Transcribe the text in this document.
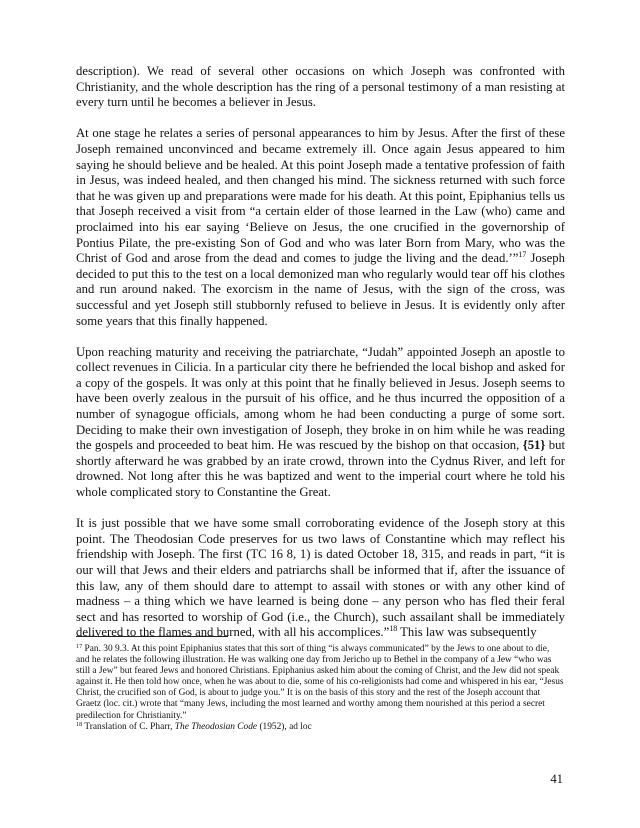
description). We read of several other occasions on which Joseph was confronted with Christianity, and the whole description has the ring of a personal testimony of a man resisting at every turn until he becomes a believer in Jesus.

At one stage he relates a series of personal appearances to him by Jesus. After the first of these Joseph remained unconvinced and became extremely ill. Once again Jesus appeared to him saying he should believe and be healed. At this point Joseph made a tentative profession of faith in Jesus, was indeed healed, and then changed his mind. The sickness returned with such force that he was given up and preparations were made for his death. At this point, Epiphanius tells us that Joseph received a visit from “a certain elder of those learned in the Law (who) came and proclaimed into his ear saying ‘Believe on Jesus, the one crucified in the governorship of Pontius Pilate, the pre-existing Son of God and who was later Born from Mary, who was the Christ of God and arose from the dead and comes to judge the living and the dead.’”$^{17}$ Joseph decided to put this to the test on a local demonized man who regularly would tear off his clothes and run around naked. The exorcism in the name of Jesus, with the sign of the cross, was successful and yet Joseph still stubbornly refused to believe in Jesus. It is evidently only after some years that this finally happened.

Upon reaching maturity and receiving the patriarchate, “Judah” appointed Joseph an apostle to collect revenues in Cilicia. In a particular city there he befriended the local bishop and asked for a copy of the gospels. It was only at this point that he finally believed in Jesus. Joseph seems to have been overly zealous in the pursuit of his office, and he thus incurred the opposition of a number of synagogue officials, among whom he had been conducting a purge of some sort. Deciding to make their own investigation of Joseph, they broke in on him while he was reading the gospels and proceeded to beat him. He was rescued by the bishop on that occasion, {51} but shortly afterward he was grabbed by an irate crowd, thrown into the Cydnus River, and left for drowned. Not long after this he was baptized and went to the imperial court where he told his whole complicated story to Constantine the Great.

It is just possible that we have some small corroborating evidence of the Joseph story at this point. The Theodosian Code preserves for us two laws of Constantine which may reflect his friendship with Joseph. The first (TC 16 8, 1) is dated October 18, 315, and reads in part, “it is our will that Jews and their elders and patriarchs shall be informed that if, after the issuance of this law, any of them should dare to attempt to assail with stones or with any other kind of madness – a thing which we have learned is being done – any person who has fled their feral sect and has resorted to worship of God (i.e., the Church), such assailant shall be immediately delivered to the flames and burned, with all his accomplices.”$^{18}$ This law was subsequently

$^{17}$ Pan. 30 9.3. At this point Epiphanius states that this sort of thing “is always communicated” by the Jews to one about to die, and he relates the following illustration. He was walking one day from Jericho up to Bethel in the company of a Jew “who was still a Jew” but feared Jews and honored Christians. Epiphanius asked him about the coming of Christ, and the Jew did not speak against it. He then told how once, when he was about to die, some of his co-religionists had come and whispered in his ear, “Jesus Christ, the crucified son of God, is about to judge you.” It is on the basis of this story and the rest of the Joseph account that Graetz (loc. cit.) wrote that “many Jews, including the most learned and worthy among them nourished at this period a secret predilection for Christianity.”

$^{18}$ Translation of C. Pharr, The Theodosian Code (1952), ad loc

41
